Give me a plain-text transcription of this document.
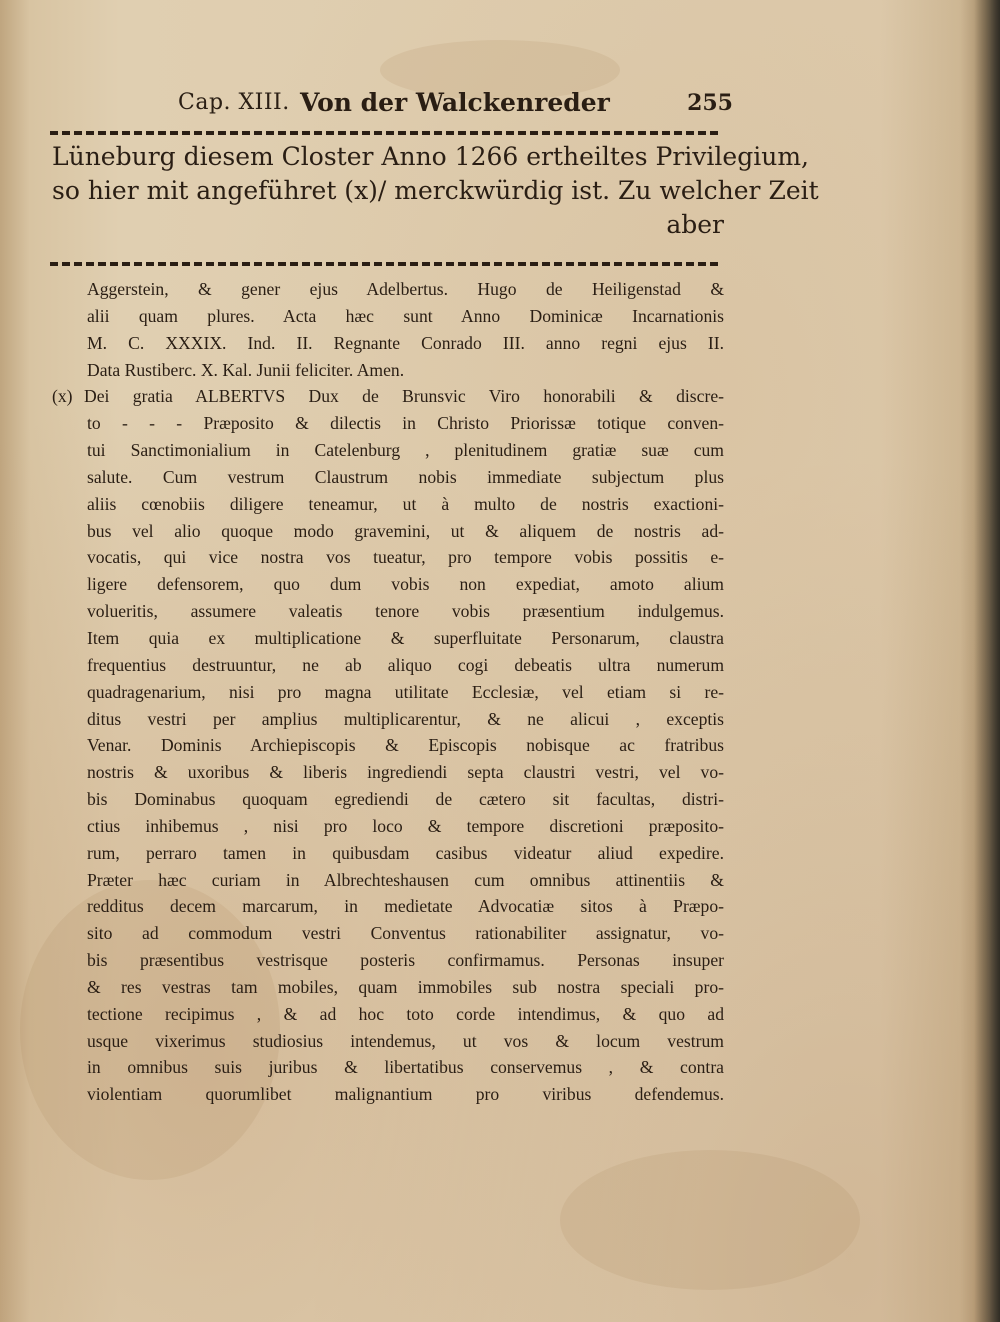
Cap. XIII. Von der Walckenreder	255
Lüneburg diesem Closter Anno 1266 ertheiltes Privilegium,
so hier mit angeführet (x)/ merckwürdig ist. Zu welcher Zeit
aber
Aggerstein, & gener ejus Adelbertus. Hugo de Heiligenstad &
alii quam plures. Acta hæc sunt Anno Dominicæ Incarnationis
M. C. XXXIX. Ind. II. Regnante Conrado III. anno regni ejus II.
Data Rustiberc. X. Kal. Junii feliciter. Amen.
(x) Dei gratia ALBERTVS Dux de Brunsvic Viro honorabili & discre-
to - - - Præposito & dilectis in Christo Priorissæ totique conven-
tui Sanctimonialium in Catelenburg , plenitudinem gratiæ suæ cum
salute. Cum vestrum Claustrum nobis immediate subjectum plus
aliis cœnobiis diligere teneamur, ut à multo de nostris exactioni-
bus vel alio quoque modo gravemini, ut & aliquem de nostris ad-
vocatis, qui vice nostra vos tueatur, pro tempore vobis possitis e-
ligere defensorem, quo dum vobis non expediat, amoto alium
volueritis, assumere valeatis tenore vobis præsentium indulgemus.
Item quia ex multiplicatione & superfluitate Personarum, claustra
frequentius destruuntur, ne ab aliquo cogi debeatis ultra numerum
quadragenarium, nisi pro magna utilitate Ecclesiæ, vel etiam si re-
ditus vestri per amplius multiplicarentur, & ne alicui , exceptis
Venar. Dominis Archiepiscopis & Episcopis nobisque ac fratribus
nostris & uxoribus & liberis ingrediendi septa claustri vestri, vel vo-
bis Dominabus quoquam egrediendi de cætero sit facultas, distri-
ctius inhibemus , nisi pro loco & tempore discretioni præposito-
rum, perraro tamen in quibusdam casibus videatur aliud expedire.
Præter hæc curiam in Albrechteshausen cum omnibus attinentiis &
redditus decem marcarum, in medietate Advocatiæ sitos à Præpo-
sito ad commodum vestri Conventus rationabiliter assignatur, vo-
bis præsentibus vestrisque posteris confirmamus. Personas insuper
& res vestras tam mobiles, quam immobiles sub nostra speciali pro-
tectione recipimus , & ad hoc toto corde intendimus, & quo ad
usque vixerimus studiosius intendemus, ut vos & locum vestrum
in omnibus suis juribus & libertatibus conservemus , & contra
violentiam quorumlibet malignantium pro viribus defendemus.
